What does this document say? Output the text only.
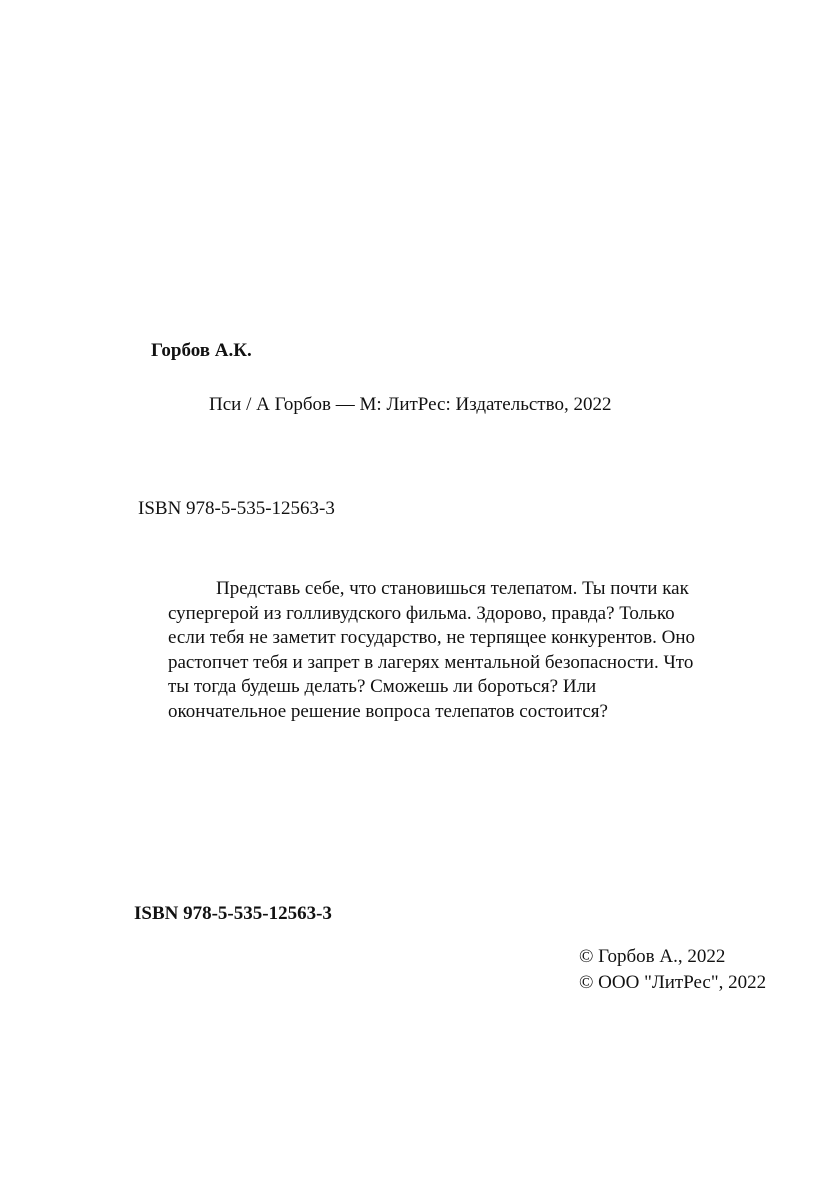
Горбов А.К.
Пси / А Горбов — М: ЛитРес: Издательство, 2022
ISBN 978-5-535-12563-3
Представь себе, что становишься телепатом. Ты почти как
супергерой из голливудского фильма. Здорово, правда? Только
если тебя не заметит государство, не терпящее конкурентов. Оно
растопчет тебя и запрет в лагерях ментальной безопасности. Что
ты тогда будешь делать? Сможешь ли бороться? Или
окончательное решение вопроса телепатов состоится?
ISBN 978-5-535-12563-3
© Горбов А., 2022
© ООО "ЛитРес", 2022
